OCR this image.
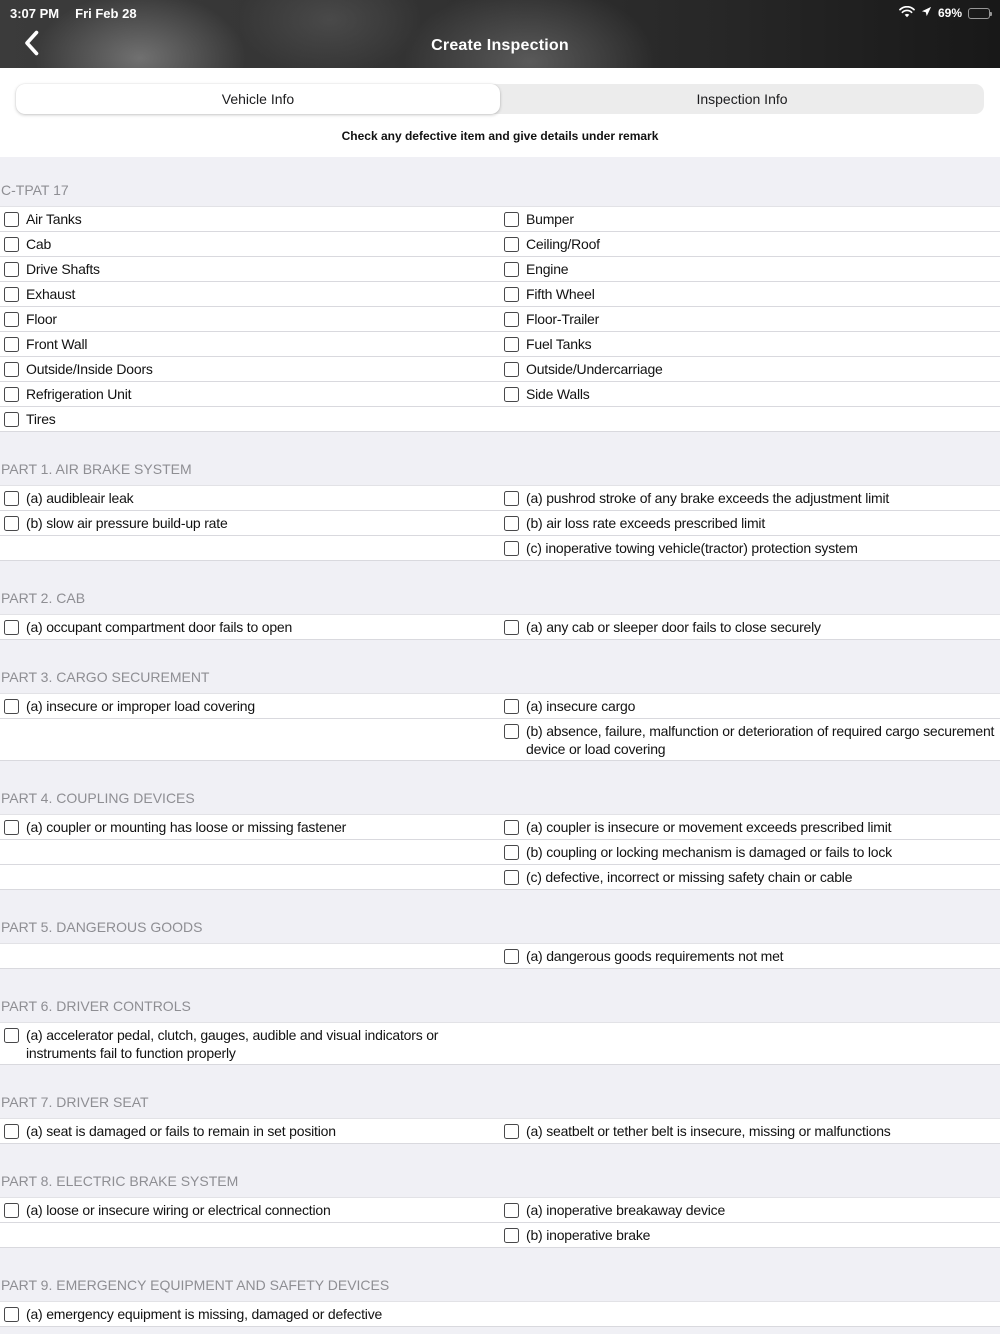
3:07 PM Fri Feb 28	69%
Create Inspection
Vehicle Info	Inspection Info
Check any defective item and give details under remark
C-TPAT 17
Air Tanks	Bumper
Cab	Ceiling/Roof
Drive Shafts	Engine
Exhaust	Fifth Wheel
Floor	Floor-Trailer
Front Wall	Fuel Tanks
Outside/Inside Doors	Outside/Undercarriage
Refrigeration Unit	Side Walls
Tires
PART 1. AIR BRAKE SYSTEM
(a) audibleair leak	(a) pushrod stroke of any brake exceeds the adjustment limit
(b) slow air pressure build-up rate	(b) air loss rate exceeds prescribed limit
(c) inoperative towing vehicle(tractor) protection system
PART 2. CAB
(a) occupant compartment door fails to open	(a) any cab or sleeper door fails to close securely
PART 3. CARGO SECUREMENT
(a) insecure or improper load covering	(a) insecure cargo
(b) absence, failure, malfunction or deterioration of required cargo securement device or load covering
PART 4. COUPLING DEVICES
(a) coupler or mounting has loose or missing fastener	(a) coupler is insecure or movement exceeds prescribed limit
(b) coupling or locking mechanism is damaged or fails to lock
(c) defective, incorrect or missing safety chain or cable
PART 5. DANGEROUS GOODS
(a) dangerous goods requirements not met
PART 6. DRIVER CONTROLS
(a) accelerator pedal, clutch, gauges, audible and visual indicators or instruments fail to function properly
PART 7. DRIVER SEAT
(a) seat is damaged or fails to remain in set position	(a) seatbelt or tether belt is insecure, missing or malfunctions
PART 8. ELECTRIC BRAKE SYSTEM
(a) loose or insecure wiring or electrical connection	(a) inoperative breakaway device
(b) inoperative brake
PART 9. EMERGENCY EQUIPMENT AND SAFETY DEVICES
(a) emergency equipment is missing, damaged or defective
